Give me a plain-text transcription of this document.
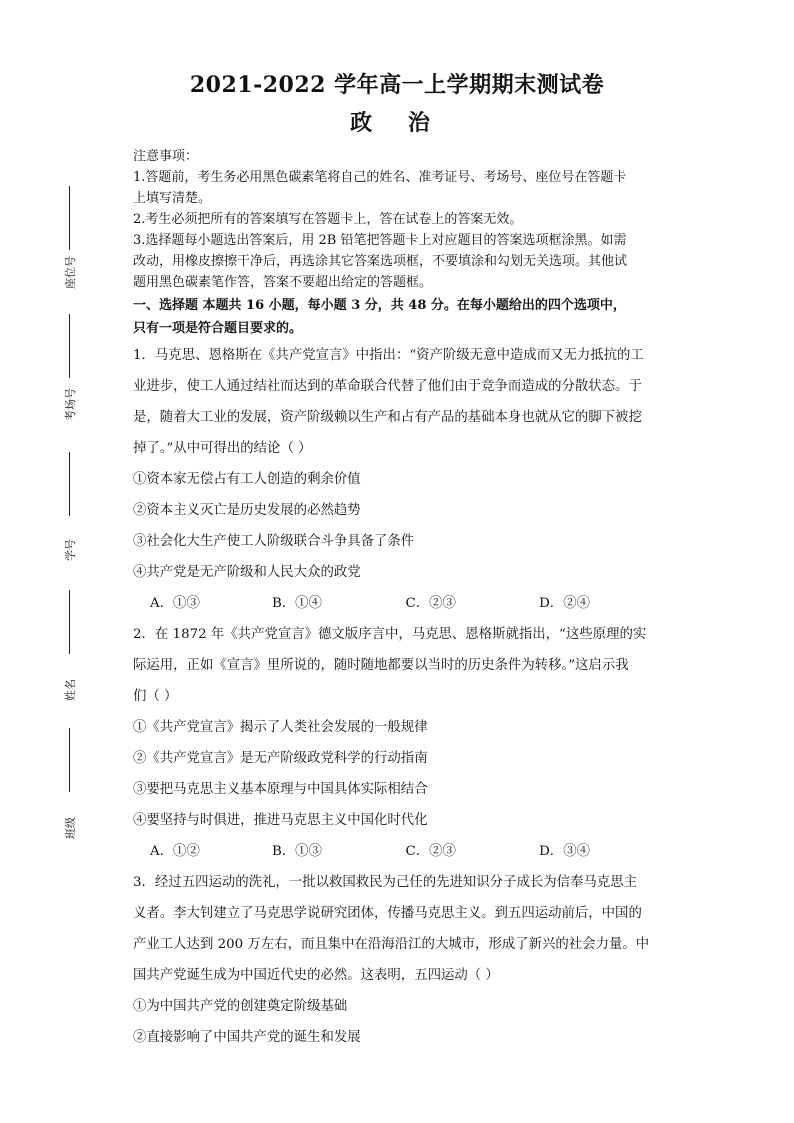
2021-2022 学年高一上学期期末测试卷
政 治
座位号
考场号
学号
姓名
班级
注意事项：
1.答题前，考生务必用黑色碳素笔将自己的姓名、准考证号、考场号、座位号在答题卡
上填写清楚。
2.考生必须把所有的答案填写在答题卡上，答在试卷上的答案无效。
3.选择题每小题选出答案后，用 2B 铅笔把答题卡上对应题目的答案选项框涂黑。如需
改动，用橡皮擦擦干净后，再选涂其它答案选项框，不要填涂和勾划无关选项。其他试
题用黑色碳素笔作答，答案不要超出给定的答题框。
一、选择题 本题共 16 小题，每小题 3 分，共 48 分。在每小题给出的四个选项中，
只有一项是符合题目要求的。
1．马克思、恩格斯在《共产党宣言》中指出：“资产阶级无意中造成而又无力抵抗的工
业进步，使工人通过结社而达到的革命联合代替了他们由于竞争而造成的分散状态。于
是，随着大工业的发展，资产阶级赖以生产和占有产品的基础本身也就从它的脚下被挖
掉了。”从中可得出的结论（ ）
①资本家无偿占有工人创造的剩余价值
②资本主义灭亡是历史发展的必然趋势
③社会化大生产使工人阶级联合斗争具备了条件
④共产党是无产阶级和人民大众的政党
A．①③	B．①④	C．②③	D．②④
2．在 1872 年《共产党宣言》德文版序言中，马克思、恩格斯就指出，“这些原理的实
际运用，正如《宣言》里所说的，随时随地都要以当时的历史条件为转移。”这启示我
们（ ）
①《共产党宣言》揭示了人类社会发展的一般规律
②《共产党宣言》是无产阶级政党科学的行动指南
③要把马克思主义基本原理与中国具体实际相结合
④要坚持与时俱进，推进马克思主义中国化时代化
A．①②	B．①③	C．②③	D．③④
3．经过五四运动的洗礼，一批以救国救民为己任的先进知识分子成长为信奉马克思主
义者。李大钊建立了马克思学说研究团体，传播马克思主义。到五四运动前后，中国的
产业工人达到 200 万左右，而且集中在沿海沿江的大城市，形成了新兴的社会力量。中
国共产党诞生成为中国近代史的必然。这表明，五四运动（ ）
①为中国共产党的创建奠定阶级基础
②直接影响了中国共产党的诞生和发展
